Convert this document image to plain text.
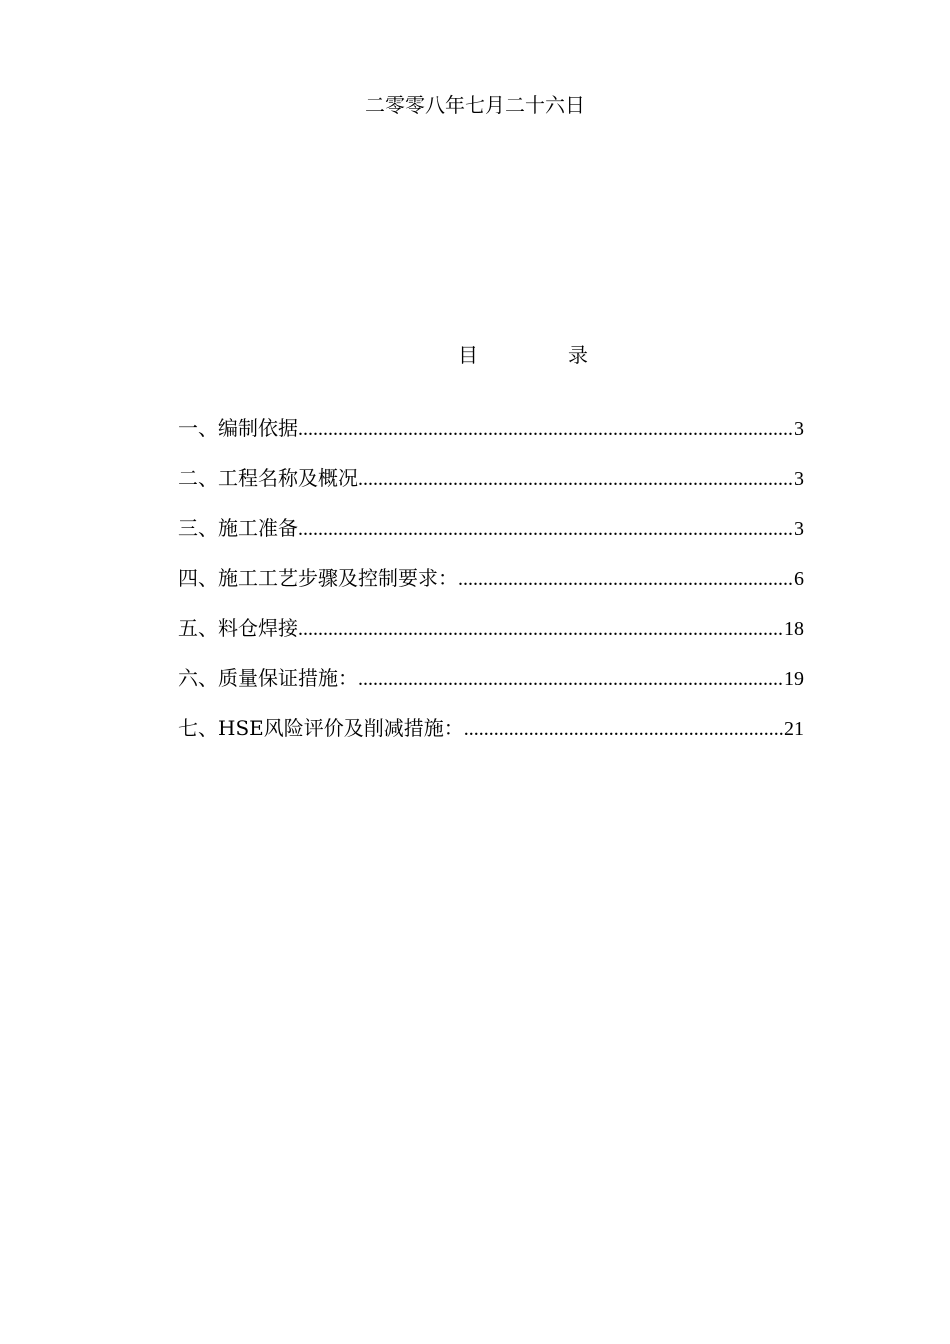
二零零八年七月二十六日
目	录
一、编制依据 .....	3
二、工程名称及概况 .....	3
三、施工准备 .....	3
四、施工工艺步骤及控制要求： .....	6
五、料仓焊接 .....	18
六、质量保证措施： .....	19
七、HSE风险评价及削减措施： .....	21
